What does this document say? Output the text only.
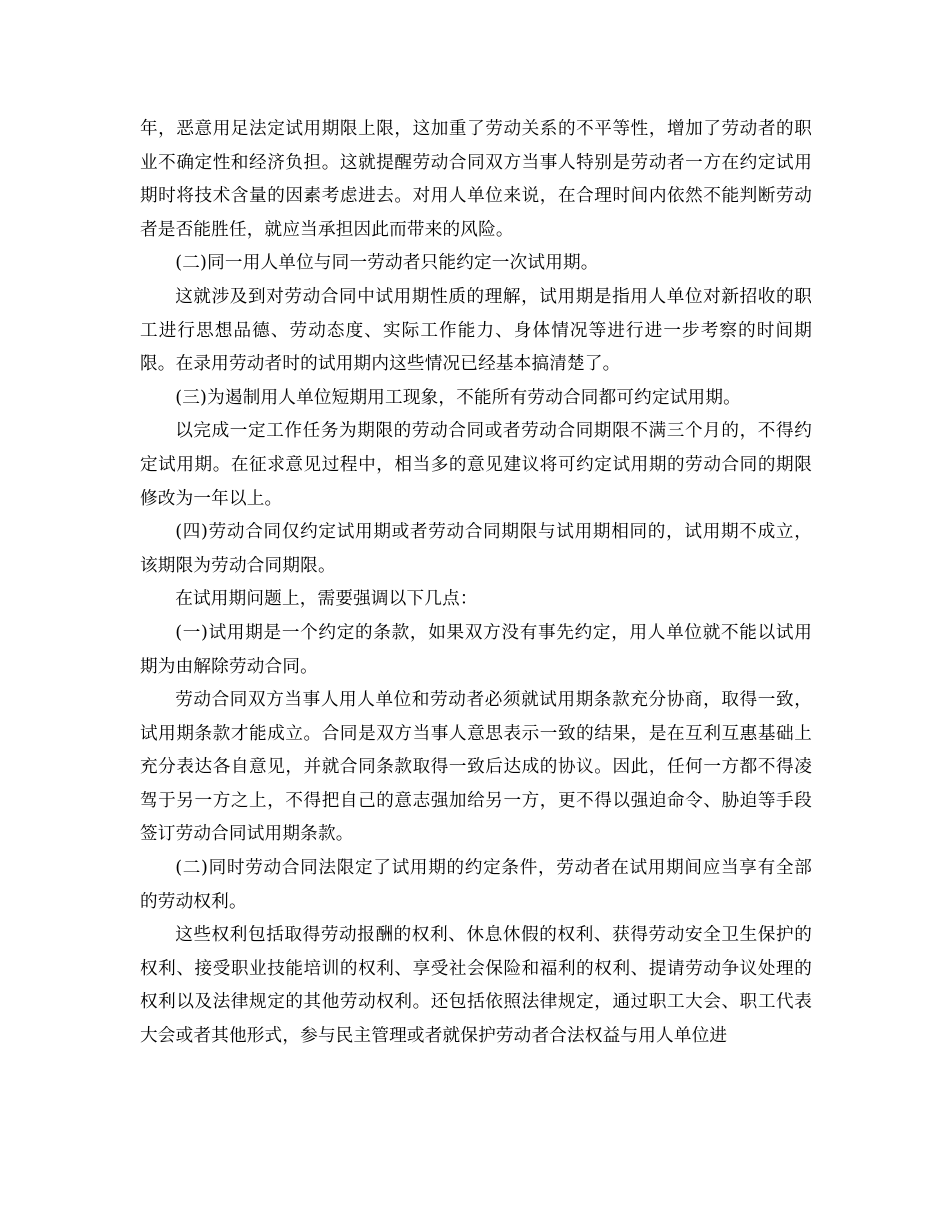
年，恶意用足法定试用期限上限，这加重了劳动关系的不平等性，增加了劳动者的职业不确定性和经济负担。这就提醒劳动合同双方当事人特别是劳动者一方在约定试用期时将技术含量的因素考虑进去。对用人单位来说，在合理时间内依然不能判断劳动者是否能胜任，就应当承担因此而带来的风险。

(二)同一用人单位与同一劳动者只能约定一次试用期。

这就涉及到对劳动合同中试用期性质的理解，试用期是指用人单位对新招收的职工进行思想品德、劳动态度、实际工作能力、身体情况等进行进一步考察的时间期限。在录用劳动者时的试用期内这些情况已经基本搞清楚了。

(三)为遏制用人单位短期用工现象，不能所有劳动合同都可约定试用期。

以完成一定工作任务为期限的劳动合同或者劳动合同期限不满三个月的，不得约定试用期。在征求意见过程中，相当多的意见建议将可约定试用期的劳动合同的期限修改为一年以上。

(四)劳动合同仅约定试用期或者劳动合同期限与试用期相同的，试用期不成立，该期限为劳动合同期限。

在试用期问题上，需要强调以下几点：

(一)试用期是一个约定的条款，如果双方没有事先约定，用人单位就不能以试用期为由解除劳动合同。

劳动合同双方当事人用人单位和劳动者必须就试用期条款充分协商，取得一致，试用期条款才能成立。合同是双方当事人意思表示一致的结果，是在互利互惠基础上充分表达各自意见，并就合同条款取得一致后达成的协议。因此，任何一方都不得凌驾于另一方之上，不得把自己的意志强加给另一方，更不得以强迫命令、胁迫等手段签订劳动合同试用期条款。

(二)同时劳动合同法限定了试用期的约定条件，劳动者在试用期间应当享有全部的劳动权利。

这些权利包括取得劳动报酬的权利、休息休假的权利、获得劳动安全卫生保护的权利、接受职业技能培训的权利、享受社会保险和福利的权利、提请劳动争议处理的权利以及法律规定的其他劳动权利。还包括依照法律规定，通过职工大会、职工代表大会或者其他形式，参与民主管理或者就保护劳动者合法权益与用人单位进
